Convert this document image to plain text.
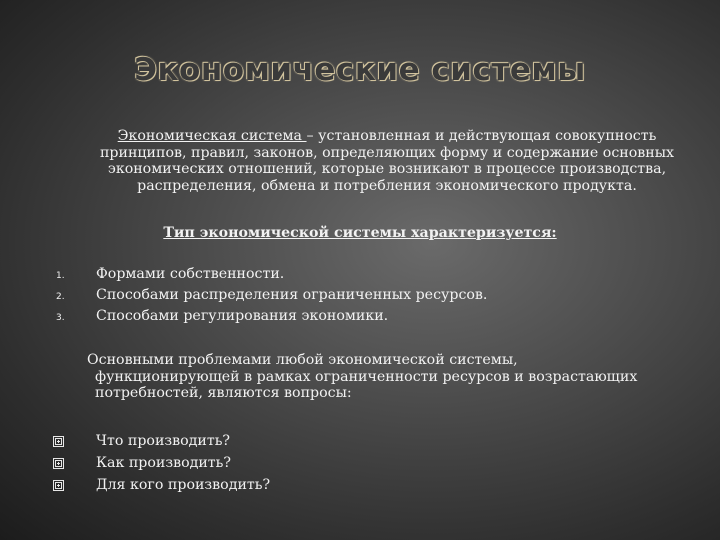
Экономические системы
Экономическая система – установленная и действующая совокупность принципов, правил, законов, определяющих форму и содержание основных экономических отношений, которые возникают в процессе производства, распределения, обмена и потребления экономического продукта.
Тип экономической системы характеризуется:
1. Формами собственности.
2. Способами распределения ограниченных ресурсов.
3. Способами регулирования экономики.
Основными проблемами любой экономической системы,
функционирующей в рамках ограниченности ресурсов и возрастающих потребностей, являются вопросы:
Что производить?
Как производить?
Для кого производить?
